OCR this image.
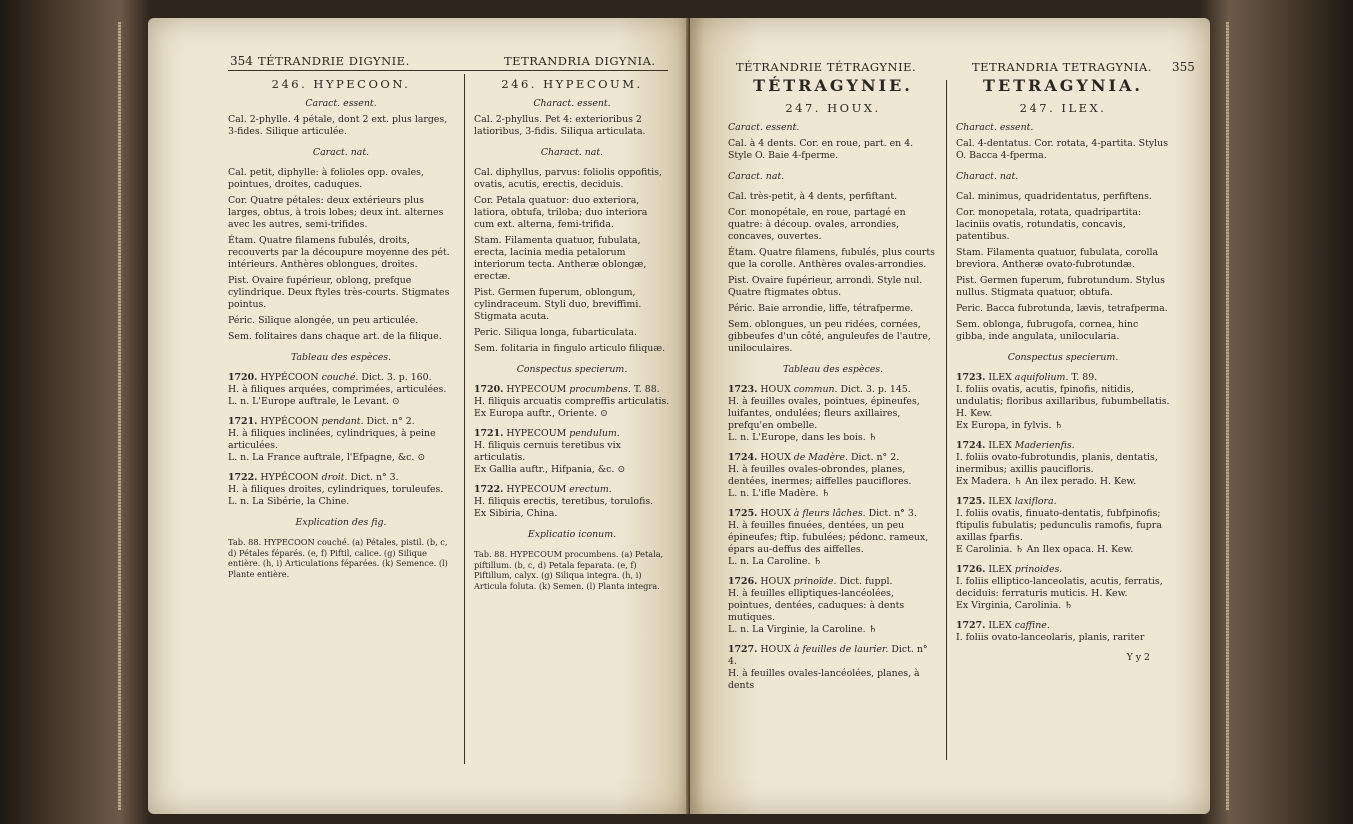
354 TÉTRANDRIE DIGYNIE.	TETRANDRIA DIGYNIA.
246. HYPECOON.
Caract. essent.
Cal. 2-phylle. 4 pétale, dont 2 ext. plus larges, 3-fides. Silique articulée.
Caract. nat.
Cal. petit, diphylle: à folioles opp. ovales, pointues, droites, caduques.
Cor. Quatre pétales: deux extérieurs plus larges, obtus, à trois lobes; deux int. alternes avec les autres, semi-trifides.
Étam. Quatre filamens fubulés, droits, recouverts par la découpure moyenne des pét. intérieurs. Anthères oblongues, droites.
Pist. Ovaire fupérieur, oblong, prefque cylindrique. Deux ftyles très-courts. Stigmates pointus.
Péric. Silique alongée, un peu articulée.
Sem. folitaires dans chaque art. de la filique.
Tableau des espèces.
1720. HYPÉCOON couché. Dict. 3. p. 160.
H. à filiques arquées, comprimées, articulées.
L. n. L'Europe auftrale, le Levant. ⊙
1721. HYPÉCOON pendant. Dict. n° 2.
H. à filiques inclinées, cylindriques, à peine articulées.
L. n. La France auftrale, l'Efpagne, &c. ⊙
1722. HYPÉCOON droit. Dict. n° 3.
H. à filiques droites, cylindriques, toruleufes.
L. n. La Sibérie, la Chine.
Explication des fig.
Tab. 88. HYPECOON couché. (a) Pétales, pistil. (b, c, d) Pétales féparés. (e, f) Piftil, calice. (g) Silique entière. (h, i) Articulations féparées. (k) Semence. (l) Plante entière.
246. HYPECOUM.
Charact. essent.
Cal. 2-phyllus. Pet 4: exterioribus 2 latioribus, 3-fidis. Siliqua articulata.
Charact. nat.
Cal. diphyllus, parvus: foliolis oppofitis, ovatis, acutis, erectis, deciduis.
Cor. Petala quatuor: duo exteriora, latiora, obtufa, triloba; duo interiora cum ext. alterna, femi-trifida.
Stam. Filamenta quatuor, fubulata, erecta, lacinia media petalorum interiorum tecta. Antheræ oblongæ, erectæ.
Pist. Germen fuperum, oblongum, cylindraceum. Styli duo, breviffimi. Stigmata acuta.
Peric. Siliqua longa, fubarticulata.
Sem. folitaria in fingulo articulo filiquæ.
Conspectus specierum.
1720. HYPECOUM procumbens. T. 88.
H. filiquis arcuatis compreffis articulatis.
Ex Europa auftr., Oriente. ⊙
1721. HYPECOUM pendulum.
H. filiquis cernuis teretibus vix articulatis.
Ex Gallia auftr., Hifpania, &c. ⊙
1722. HYPECOUM erectum.
H. filiquis erectis, teretibus, torulofis.
Ex Sibiria, China.
Explicatio iconum.
Tab. 88. HYPECOUM procumbens. (a) Petala, piftillum. (b, c, d) Petala feparata. (e, f) Piftillum, calyx. (g) Siliqua integra. (h, i) Articula foluta. (k) Semen. (l) Planta integra.
TÉTRANDRIE TÉTRAGYNIE.	TETRANDRIA TETRAGYNIA. 355
TÉTRAGYNIE.
247. HOUX.
Caract. essent.
Cal. à 4 dents. Cor. en roue, part. en 4. Style O. Baie 4-fperme.
Caract. nat.
Cal. très-petit, à 4 dents, perfiftant.
Cor. monopétale, en roue, partagé en quatre: à découp. ovales, arrondies, concaves, ouvertes.
Étam. Quatre filamens, fubulés, plus courts que la corolle. Anthères ovales-arrondies.
Pist. Ovaire fupérieur, arrondi. Style nul. Quatre ftigmates obtus.
Péric. Baie arrondie, liffe, tétrafperme.
Sem. oblongues, un peu ridées, cornées, gibbeufes d'un côté, anguleufes de l'autre, uniloculaires.
Tableau des espèces.
1723. HOUX commun. Dict. 3. p. 145.
H. à feuilles ovales, pointues, épineufes, luifantes, ondulées; fleurs axillaires, prefqu'en ombelle.
L. n. L'Europe, dans les bois. ♄
1724. HOUX de Madère. Dict. n° 2.
H. à feuilles ovales-obrondes, planes, dentées, inermes; aiffelles pauciflores.
L. n. L'ifle Madère. ♄
1725. HOUX à fleurs lâches. Dict. n° 3.
H. à feuilles finuées, dentées, un peu épineufes; ftip. fubulées; pédonc. rameux, épars au-deffus des aiffelles.
L. n. La Caroline. ♄
1726. HOUX prinoïde. Dict. fuppl.
H. à feuilles elliptiques-lancéolées, pointues, dentées, caduques: à dents mutiques.
L. n. La Virginie, la Caroline. ♄
1727. HOUX à feuilles de laurier. Dict. n° 4.
H. à feuilles ovales-lancéolées, planes, à dents
TETRAGYNIA.
247. ILEX.
Charact. essent.
Cal. 4-dentatus. Cor. rotata, 4-partita. Stylus O. Bacca 4-fperma.
Charact. nat.
Cal. minimus, quadridentatus, perfiftens.
Cor. monopetala, rotata, quadripartita: laciniis ovatis, rotundatis, concavis, patentibus.
Stam. Filamenta quatuor, fubulata, corolla breviora. Antheræ ovato-fubrotundæ.
Pist. Germen fuperum, fubrotundum. Stylus nullus. Stigmata quatuor, obtufa.
Peric. Bacca fubrotunda, lævis, tetrafperma.
Sem. oblonga, fubrugofa, cornea, hinc gibba, inde angulata, unilocularia.
Conspectus specierum.
1723. ILEX aquifolium. T. 89.
I. foliis ovatis, acutis, fpinofis, nitidis, undulatis; floribus axillaribus, fubumbellatis. H. Kew.
Ex Europa, in fylvis. ♄
1724. ILEX Maderienfis.
I. foliis ovato-fubrotundis, planis, dentatis, inermibus; axillis paucifloris.
Ex Madera. ♄ An ilex perado. H. Kew.
1725. ILEX laxiflora.
I. foliis ovatis, finuato-dentatis, fubfpinofis; ftipulis fubulatis; pedunculis ramofis, fupra axillas fparfis.
E Carolinia. ♄ An Ilex opaca. H. Kew.
1726. ILEX prinoides.
I. foliis elliptico-lanceolatis, acutis, ferratis, deciduis: ferraturis muticis. H. Kew.
Ex Virginia, Carolinia. ♄
1727. ILEX caffine.
I. foliis ovato-lanceolaris, planis, rariter
Y y 2
